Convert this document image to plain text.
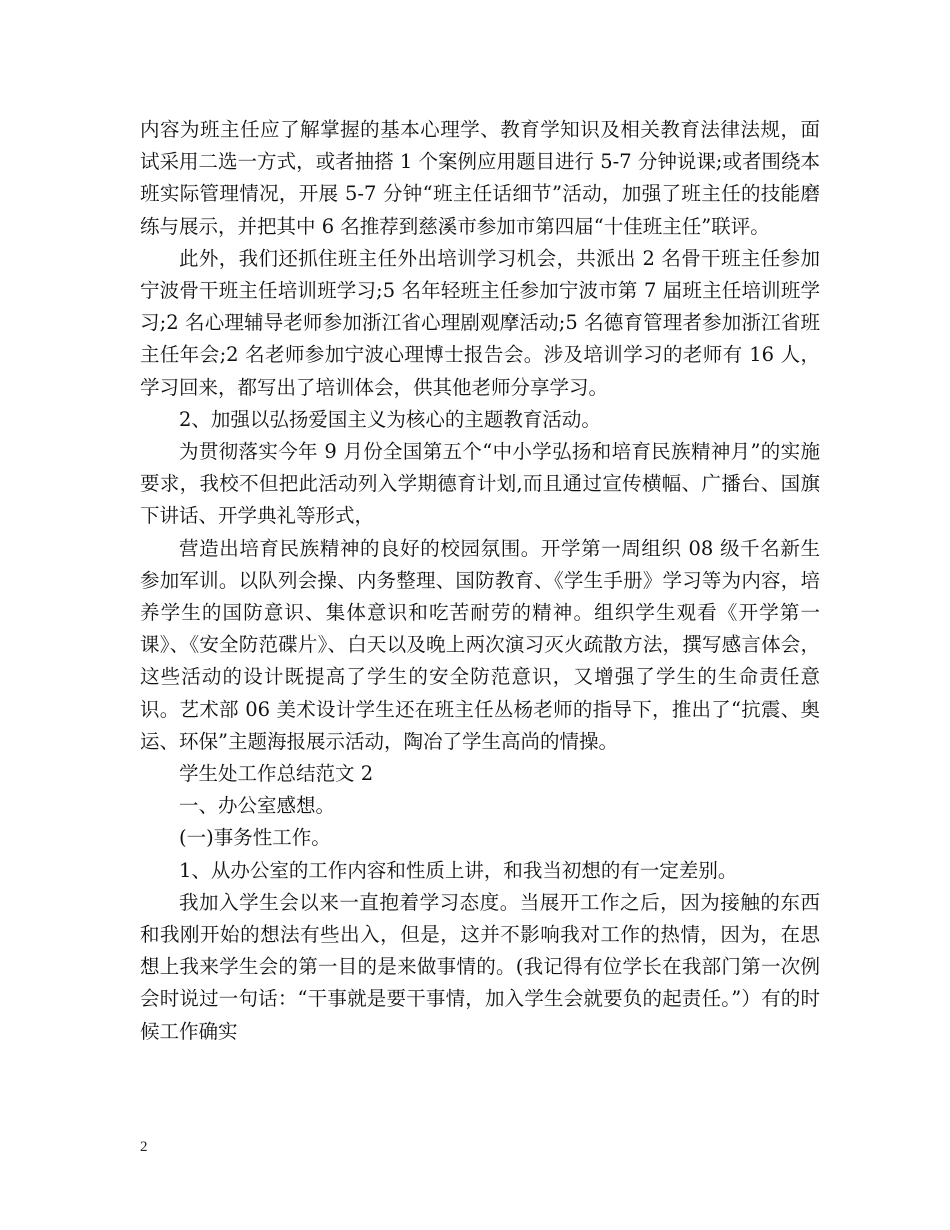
内容为班主任应了解掌握的基本心理学、教育学知识及相关教育法律法规，面试采用二选一方式，或者抽搭 1 个案例应用题目进行 5-7 分钟说课;或者围绕本班实际管理情况，开展 5-7 分钟“班主任话细节”活动，加强了班主任的技能磨练与展示，并把其中 6 名推荐到慈溪市参加市第四届“十佳班主任”联评。

此外，我们还抓住班主任外出培训学习机会，共派出 2 名骨干班主任参加宁波骨干班主任培训班学习;5 名年轻班主任参加宁波市第 7 届班主任培训班学习;2 名心理辅导老师参加浙江省心理剧观摩活动;5 名德育管理者参加浙江省班主任年会;2 名老师参加宁波心理博士报告会。涉及培训学习的老师有 16 人，学习回来，都写出了培训体会，供其他老师分享学习。

2、加强以弘扬爱国主义为核心的主题教育活动。

为贯彻落实今年 9 月份全国第五个“中小学弘扬和培育民族精神月”的实施要求，我校不但把此活动列入学期德育计划,而且通过宣传横幅、广播台、国旗下讲话、开学典礼等形式，

营造出培育民族精神的良好的校园氛围。开学第一周组织 08 级千名新生参加军训。以队列会操、内务整理、国防教育、《学生手册》学习等为内容，培养学生的国防意识、集体意识和吃苦耐劳的精神。组织学生观看《开学第一课》、《安全防范碟片》、白天以及晚上两次演习灭火疏散方法，撰写感言体会，这些活动的设计既提高了学生的安全防范意识，又增强了学生的生命责任意识。艺术部 06 美术设计学生还在班主任丛杨老师的指导下，推出了“抗震、奥运、环保”主题海报展示活动，陶冶了学生高尚的情操。

学生处工作总结范文 2

一、办公室感想。

(一)事务性工作。

1、从办公室的工作内容和性质上讲，和我当初想的有一定差别。

我加入学生会以来一直抱着学习态度。当展开工作之后，因为接触的东西和我刚开始的想法有些出入，但是，这并不影响我对工作的热情，因为，在思想上我来学生会的第一目的是来做事情的。(我记得有位学长在我部门第一次例会时说过一句话：“干事就是要干事情，加入学生会就要负的起责任。”）有的时候工作确实

2
